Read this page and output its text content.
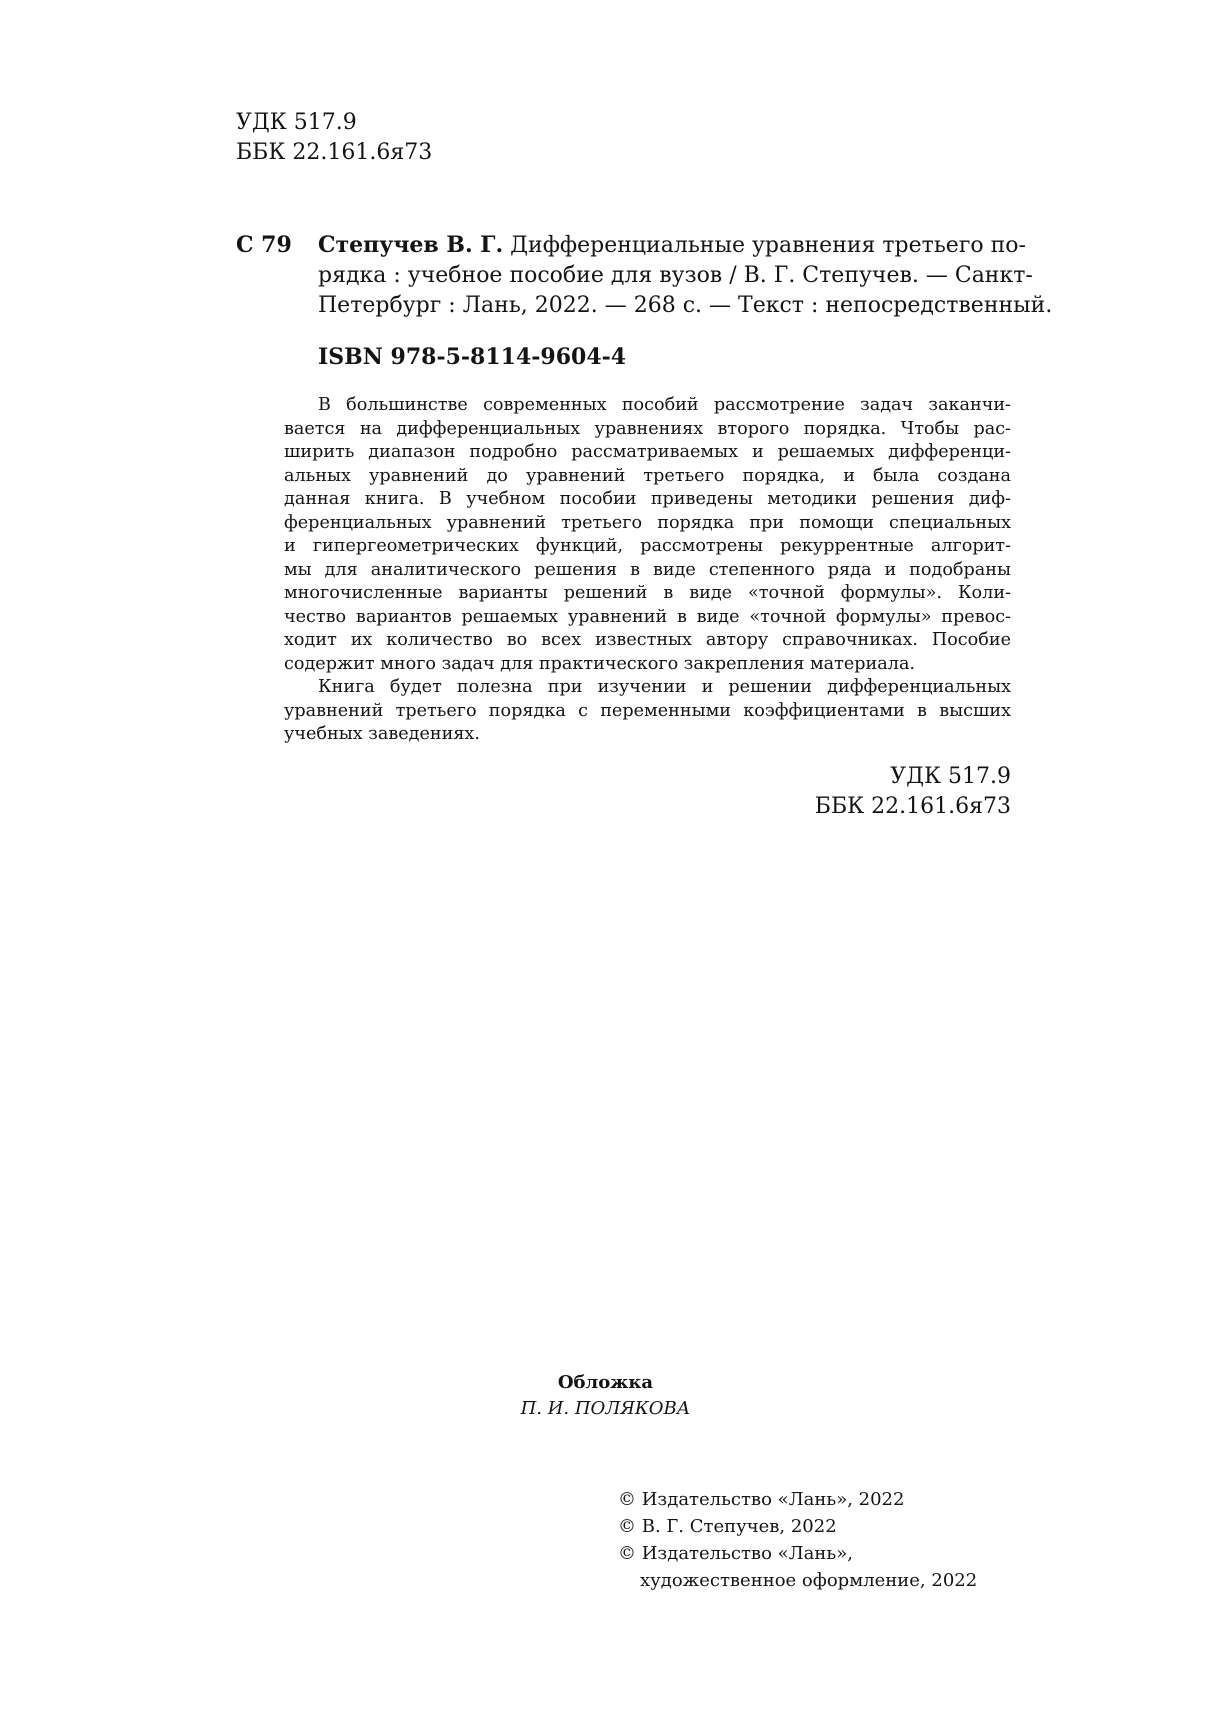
УДК 517.9
ББК 22.161.6я73
С 79 Степучев В. Г. Дифференциальные уравнения третьего по-
рядка : учебное пособие для вузов / В. Г. Степучев. — Санкт-
Петербург : Лань, 2022. — 268 с. — Текст : непосредственный.
ISBN 978-5-8114-9604-4
В большинстве современных пособий рассмотрение задач заканчи-
вается на дифференциальных уравнениях второго порядка. Чтобы рас-
ширить диапазон подробно рассматриваемых и решаемых дифференци-
альных уравнений до уравнений третьего порядка, и была создана
данная книга. В учебном пособии приведены методики решения диф-
ференциальных уравнений третьего порядка при помощи специальных
и гипергеометрических функций, рассмотрены рекуррентные алгорит-
мы для аналитического решения в виде степенного ряда и подобраны
многочисленные варианты решений в виде «точной формулы». Коли-
чество вариантов решаемых уравнений в виде «точной формулы» превос-
ходит их количество во всех известных автору справочниках. Пособие
содержит много задач для практического закрепления материала.
Книга будет полезна при изучении и решении дифференциальных
уравнений третьего порядка с переменными коэффициентами в высших
учебных заведениях.
УДК 517.9
ББК 22.161.6я73
Обложка
П. И. ПОЛЯКОВА
© Издательство «Лань», 2022
© В. Г. Степучев, 2022
© Издательство «Лань»,
художественное оформление, 2022
